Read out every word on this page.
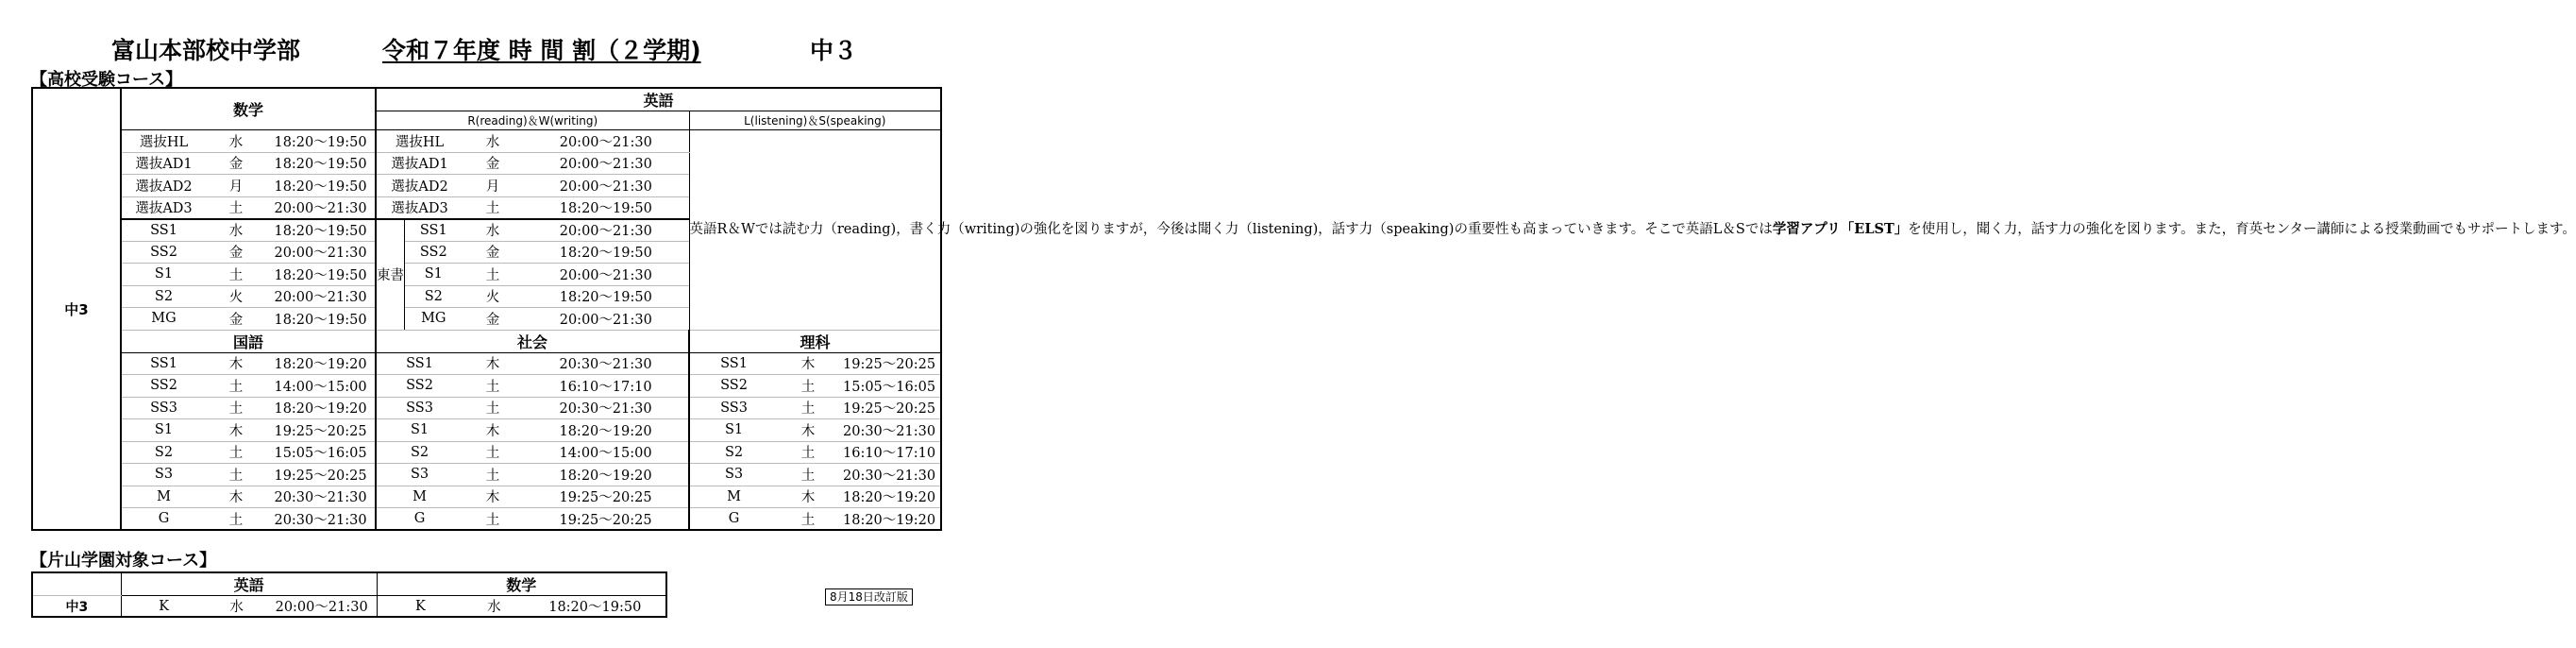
富山本部校中学部	令和７年度 時 間 割（２学期)	中３
【高校受験コース】
中3	数学			英語						
				R(reading)＆W(writing)				L(listening)＆S(speaking)		
	選抜HL	水	18:20～19:50	選抜HL		水	20:00～21:30	英語R＆Wでは読む力（reading)，書く力（writing)の強化を図りますが，今後は聞く力（listening)，話す力（speaking)の重要性も高まっていきます。そこで英語L＆Sでは学習アプリ「ELST」を使用し，聞く力，話す力の強化を図ります。また，育英センター講師による授業動画でもサポートします。		
	選抜AD1	金	18:20～19:50	選抜AD1		金	20:00～21:30			
	選抜AD2	月	18:20～19:50	選抜AD2		月	20:00～21:30			
	選抜AD3	土	20:00～21:30	選抜AD3		土	18:20～19:50			
	SS1	水	18:20～19:50	東書	SS1	水	20:00～21:30			
	SS2	金	20:00～21:30		SS2	金	18:20～19:50			
	S1	土	18:20～19:50		S1	土	20:00～21:30			
	S2	火	20:00～21:30		S2	火	18:20～19:50			
	MG	金	18:20～19:50		MG	金	20:00～21:30			
	国語			社会				理科		
	SS1	木	18:20～19:20	SS1		木	20:30～21:30	SS1	木	19:25～20:25
	SS2	土	14:00～15:00	SS2		土	16:10～17:10	SS2	土	15:05～16:05
	SS3	土	18:20～19:20	SS3		土	20:30～21:30	SS3	土	19:25～20:25
	S1	木	19:25～20:25	S1		木	18:20～19:20	S1	木	20:30～21:30
	S2	土	15:05～16:05	S2		土	14:00～15:00	S2	土	16:10～17:10
	S3	土	19:25～20:25	S3		土	18:20～19:20	S3	土	20:30～21:30
	M	木	20:30～21:30	M		木	19:25～20:25	M	木	18:20～19:20
	G	土	20:30～21:30	G		土	19:25～20:25	G	土	18:20～19:20
【片山学園対象コース】
	英語			数学		
中3	K	水	20:00～21:30	K	水	18:20～19:50
8月18日改訂版
